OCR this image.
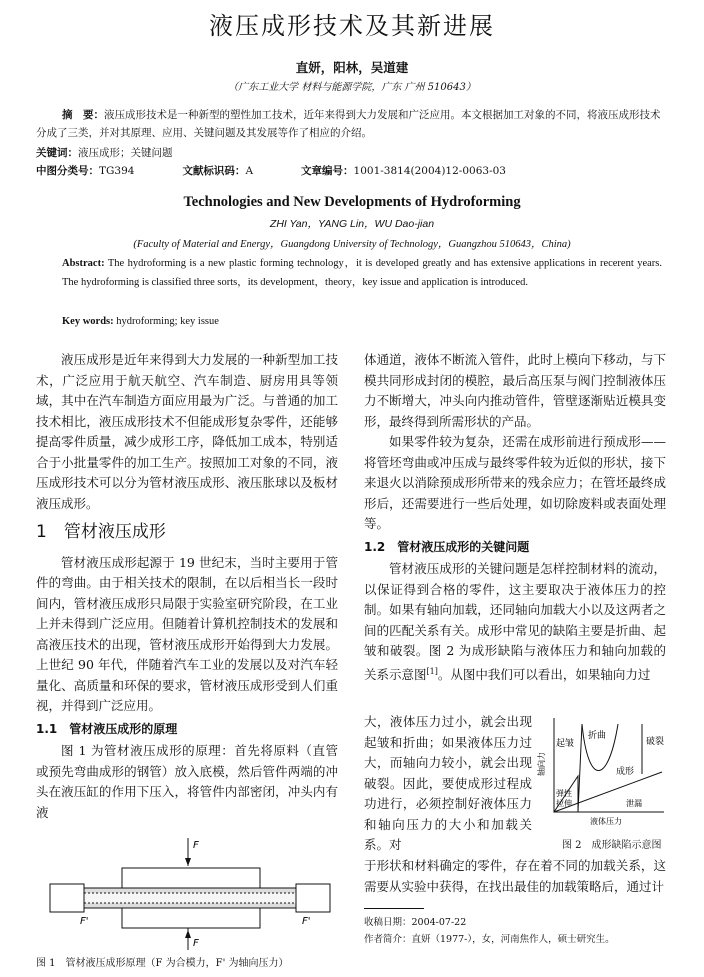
液压成形技术及其新进展
直妍，阳林，吴道建
（广东工业大学 材料与能源学院，广东 广州 510643）
摘　要：液压成形技术是一种新型的塑性加工技术，近年来得到大力发展和广泛应用。本文根据加工对象的不同，将液压成形技术分成了三类，并对其原理、应用、关键问题及其发展等作了相应的介绍。
关键词：液压成形；关键问题
中图分类号：TG394	文献标识码：A	文章编号：1001-3814(2004)12-0063-03
Technologies and New Developments of Hydroforming
ZHI Yan，YANG Lin，WU Dao-jian
(Faculty of Material and Energy，Guangdong University of Technology，Guangzhou 510643，China)
Abstract: The hydroforming is a new plastic forming technology，it is developed greatly and has extensive applications in recerent years. The hydroforming is classified three sorts，its development，theory，key issue and application is introduced.
Key words: hydroforming; key issue

液压成形是近年来得到大力发展的一种新型加工技术，广泛应用于航天航空、汽车制造、厨房用具等领域，其中在汽车制造方面应用最为广泛。与普通的加工技术相比，液压成形技术不但能成形复杂零件，还能够提高零件质量，减少成形工序，降低加工成本，特别适合于小批量零件的加工生产。按照加工对象的不同，液压成形技术可以分为管材液压成形、液压胀球以及板材液压成形。

1　管材液压成形

管材液压成形起源于 19 世纪末，当时主要用于管件的弯曲。由于相关技术的限制，在以后相当长一段时间内，管材液压成形只局限于实验室研究阶段，在工业上并未得到广泛应用。但随着计算机控制技术的发展和高液压技术的出现，管材液压成形开始得到大力发展。上世纪 90 年代，伴随着汽车工业的发展以及对汽车轻量化、高质量和环保的要求，管材液压成形受到人们重视，并得到广泛应用。

1.1　管材液压成形的原理

图 1 为管材液压成形的原理：首先将原料（直管或预先弯曲成形的钢管）放入底模，然后管件两端的冲头在液压缸的作用下压入，将管件内部密闭，冲头内有液

F
F'	F'
F
图 1　管材液压成形原理（F 为合模力，F' 为轴向压力）

体通道，液体不断流入管件，此时上模向下移动，与下模共同形成封闭的模腔，最后高压泵与阀门控制液体压力不断增大，冲头向内推动管件，管壁逐渐贴近模具变形，最终得到所需形状的产品。

如果零件较为复杂，还需在成形前进行预成形——将管坯弯曲或冲压成与最终零件较为近似的形状，接下来退火以消除预成形所带来的残余应力；在管坯最终成形后，还需要进行一些后处理，如切除废料或表面处理等。

1.2　管材液压成形的关键问题

管材液压成形的关键问题是怎样控制材料的流动，以保证得到合格的零件，这主要取决于液体压力的控制。如果有轴向加载，还同轴向加载大小以及这两者之间的匹配关系有关。成形中常见的缺陷主要是折曲、起皱和破裂。图 2 为成形缺陷与液体压力和轴向加载的关系示意图[1]。从图中我们可以看出，如果轴向力过

大，液体压力过小，就会出现起皱和折曲；如果液体压力过大，而轴向力较小，就会出现破裂。因此，要使成形过程成功进行，必须控制好液体压力和轴向压力的大小和加载关系。对

轴向力
液体压力
起皱
折曲
破裂
成形
弹性
拉伸	泄漏
图 2　成形缺陷示意图

于形状和材料确定的零件，存在着不同的加载关系，这需要从实验中获得，在找出最佳的加载策略后，通过计

收稿日期：2004-07-22
作者简介：直妍（1977-），女，河南焦作人，硕士研究生。
